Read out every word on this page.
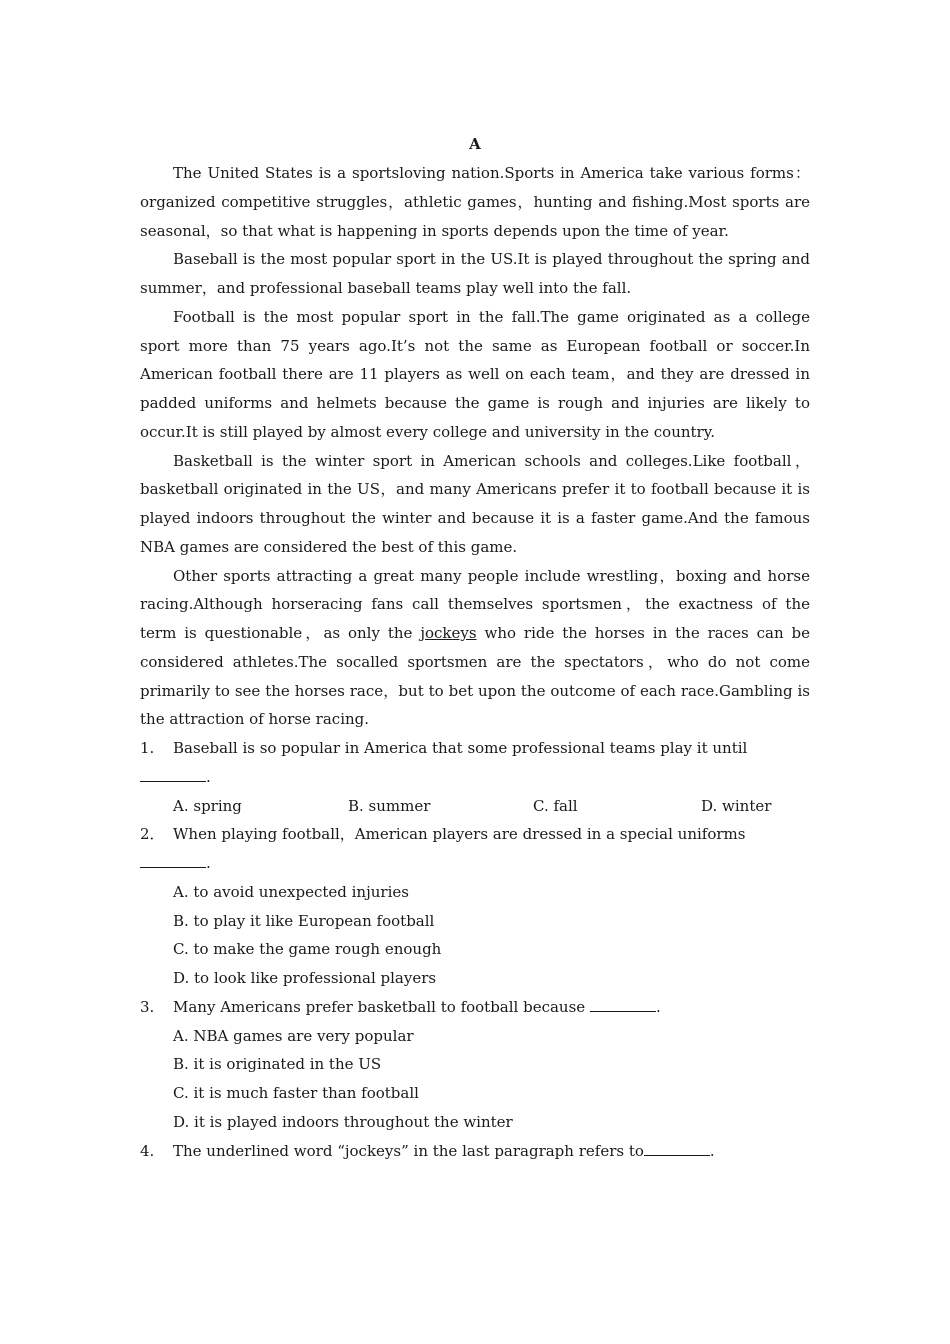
A

The United States is a sportsloving nation.Sports in America take various forms：organized competitive struggles，athletic games，hunting and fishing.Most sports are seasonal，so that what is happening in sports depends upon the time of year.

Baseball is the most popular sport in the US.It is played throughout the spring and summer，and professional baseball teams play well into the fall.

Football is the most popular sport in the fall.The game originated as a college sport more than 75 years ago.It’s not the same as European football or soccer.In American football there are 11 players as well on each team，and they are dressed in padded uniforms and helmets because the game is rough and injuries are likely to occur.It is still played by almost every college and university in the country.

Basketball is the winter sport in American schools and colleges.Like football，basketball originated in the US，and many Americans prefer it to football because it is played indoors throughout the winter and because it is a faster game.And the famous NBA games are considered the best of this game.

Other sports attracting a great many people include wrestling，boxing and horse racing.Although horseracing fans call themselves sportsmen，the exactness of the term is questionable，as only the jockeys who ride the horses in the races can be considered athletes.The socalled sportsmen are the spectators，who do not come primarily to see the horses race，but to bet upon the outcome of each race.Gambling is the attraction of horse racing.

1. Baseball is so popular in America that some professional teams play it until
.

A. spring	B. summer	C. fall	D. winter

2． When playing football，American players are dressed in a special uniforms
.

A. to avoid unexpected injuries

B. to play it like European football

C. to make the game rough enough

D. to look like professional players

3. Many Americans prefer basketball to football because	.

A. NBA games are very popular

B. it is originated in the US

C. it is much faster than football

D. it is played indoors throughout the winter

4. The underlined word “jockeys” in the last paragraph refers to	.
